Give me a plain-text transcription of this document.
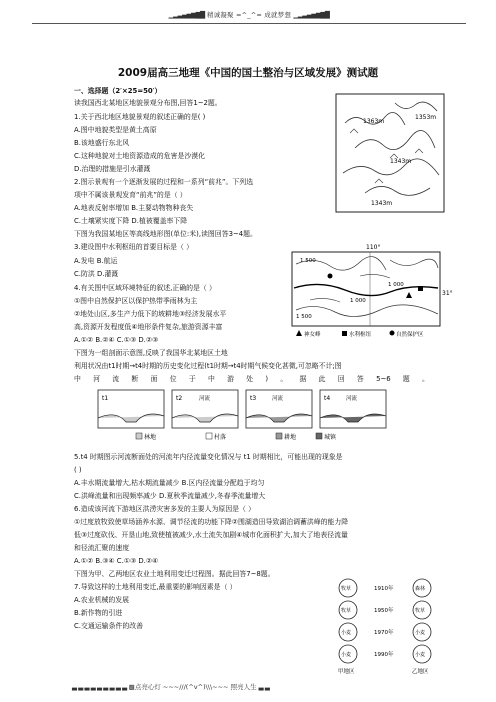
▁▂▃▄▅▆▇█ 精诚凝聚 =^_^= 成就梦想 ▁▂▃▄▅▆▇█
2009届高三地理《中国的国土整治与区域发展》测试题
一、选择题（2′×25=50′）
读我国西北某地区地貌景观分布图,回答1~2题。
1.关于西北地区地貌景观的叙述正确的是( )
A.图中地貌类型是黄土高原
B.该地盛行东北风
C.这种地貌对土地资源造成的危害是沙漠化
D.治理的措施是引水灌溉
2.图示景观有一个逐渐发展的过程和一系列“前兆”。下列选
项中不属该景观发育“前兆”的是（ ）
A.地表反射率增加 B.主要动物物种丧失
C.土壤紧实度下降 D.植被覆盖率下降
下图为我国某地区等高线地形图(单位:米),读图回答3~4题。
3.建设图中水利枢纽的首要目标是（ ）
A.发电 B.航运
C.防洪 D.灌溉
4.有关图中区域环境特征的叙述,正确的是（ ）
①图中自然保护区以保护热带季雨林为主
②地处山区,多生产力低下的坡耕地③经济发展水平
高,资源开发程度低④地形条件复杂,旅游资源丰富
A.①② B.②④ C.①③ D.②③
下图为一组剖面示意图,反映了我国华北某地区土地
利用状况由t1时期→t4时期的历史变化过程(t1时期→t4时期气候变化甚微,可忽略不计;图
中 河 流 断 面 位 于 中 游 处 ) 。 据 此 回 答 5~6 题 。
1363m
1353m
1343m
1343m
110°
31°
1 500
1 000
1 000
1 500
神女峰	水利枢纽	自然保护区
t1	t2	河流	t3	河流	t4	河流
林地	村落	耕地	城镇
5.t4 时期图示河流断面处的河流年内径流量变化情况与 t1 时期相比，可能出现的现象是
( )
A.丰水期流量增大,枯水期流量减少 B.区内径流量分配趋于均匀
C.洪峰流量和出现频率减少 D.夏秋季流量减少,冬春季流量增大
6.造成该河流下游地区洪涝灾害多发的主要人为原因是（ ）
①过度放牧致使草场涵养水源、调节径流的功能下降②围湖造田导致湖泊调蓄洪峰的能力降
低③过度砍伐、开垦山地,致使植被减少,水土流失加剧④城市化面积扩大,加大了地表径流量
和径流汇聚的速度
A.①② B.③④ C.①③ D.②④
下图为甲、乙两地区农业土地利用变迁过程图。据此回答7~8题。
7.导致这样的土地利用变迁,最重要的影响因素是（ ）
A.农业机械的发展
B.新作物的引进
C.交通运输条件的改善
1910年
牧草	森林
1950年
牧草	牧草
1970年
小麦	小麦
1990年
小麦	小麦
甲地区	乙地区
▃ ▃ ▃ ▃ ▃ ▃ ▃ ▃ ▃ ▩点亮心灯 ~~~///(^v^)\\\~~~ 照亮人生 ▃ ▃
